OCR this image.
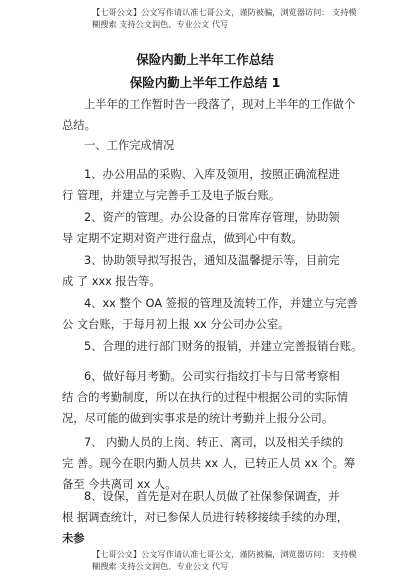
【七哥公文】公文写作请认准七哥公文，谨防被骗，浏览器访问： 支持模
糊搜索 支持公文润色、专业公文 代写
保险内勤上半年工作总结
保险内勤上半年工作总结 1
上半年的工作暂时告一段落了，现对上半年的工作做个
总结。
一、工作完成情况
1、办公用品的采购、入库及领用，按照正确流程进
行 管理，并建立与完善手工及电子版台账。
2、资产的管理。办公设备的日常库存管理，协助领
导 定期不定期对资产进行盘点，做到心中有数。
3、协助领导拟写报告，通知及温馨提示等，目前完
成 了 xxx 报告等。
4、xx 整个 OA 签报的管理及流转工作，并建立与完善
公 文台账，于每月初上报 xx 分公司办公室。
5、合理的进行部门财务的报销，并建立完善报销台账。
6、做好每月考勤。公司实行指纹打卡与日常考察相
结 合的考勤制度，所以在执行的过程中根据公司的实际情
况，尽可能的做到实事求是的统计考勤并上报分公司。
7、 内勤人员的上岗、转正、离司，以及相关手续的
完 善。现今在职内勤人员共 xx 人，已转正人员 xx 个。筹
备至 今共离司 xx 人。
8、设保，首先是对在职人员做了社保参保调查，并
根 据调查统计，对已参保人员进行转移接续手续的办理，
未参
【七哥公文】公文写作请认准七哥公文，谨防被骗，浏览器访问： 支持模
糊搜索 支持公文润色、专业公文 代写
